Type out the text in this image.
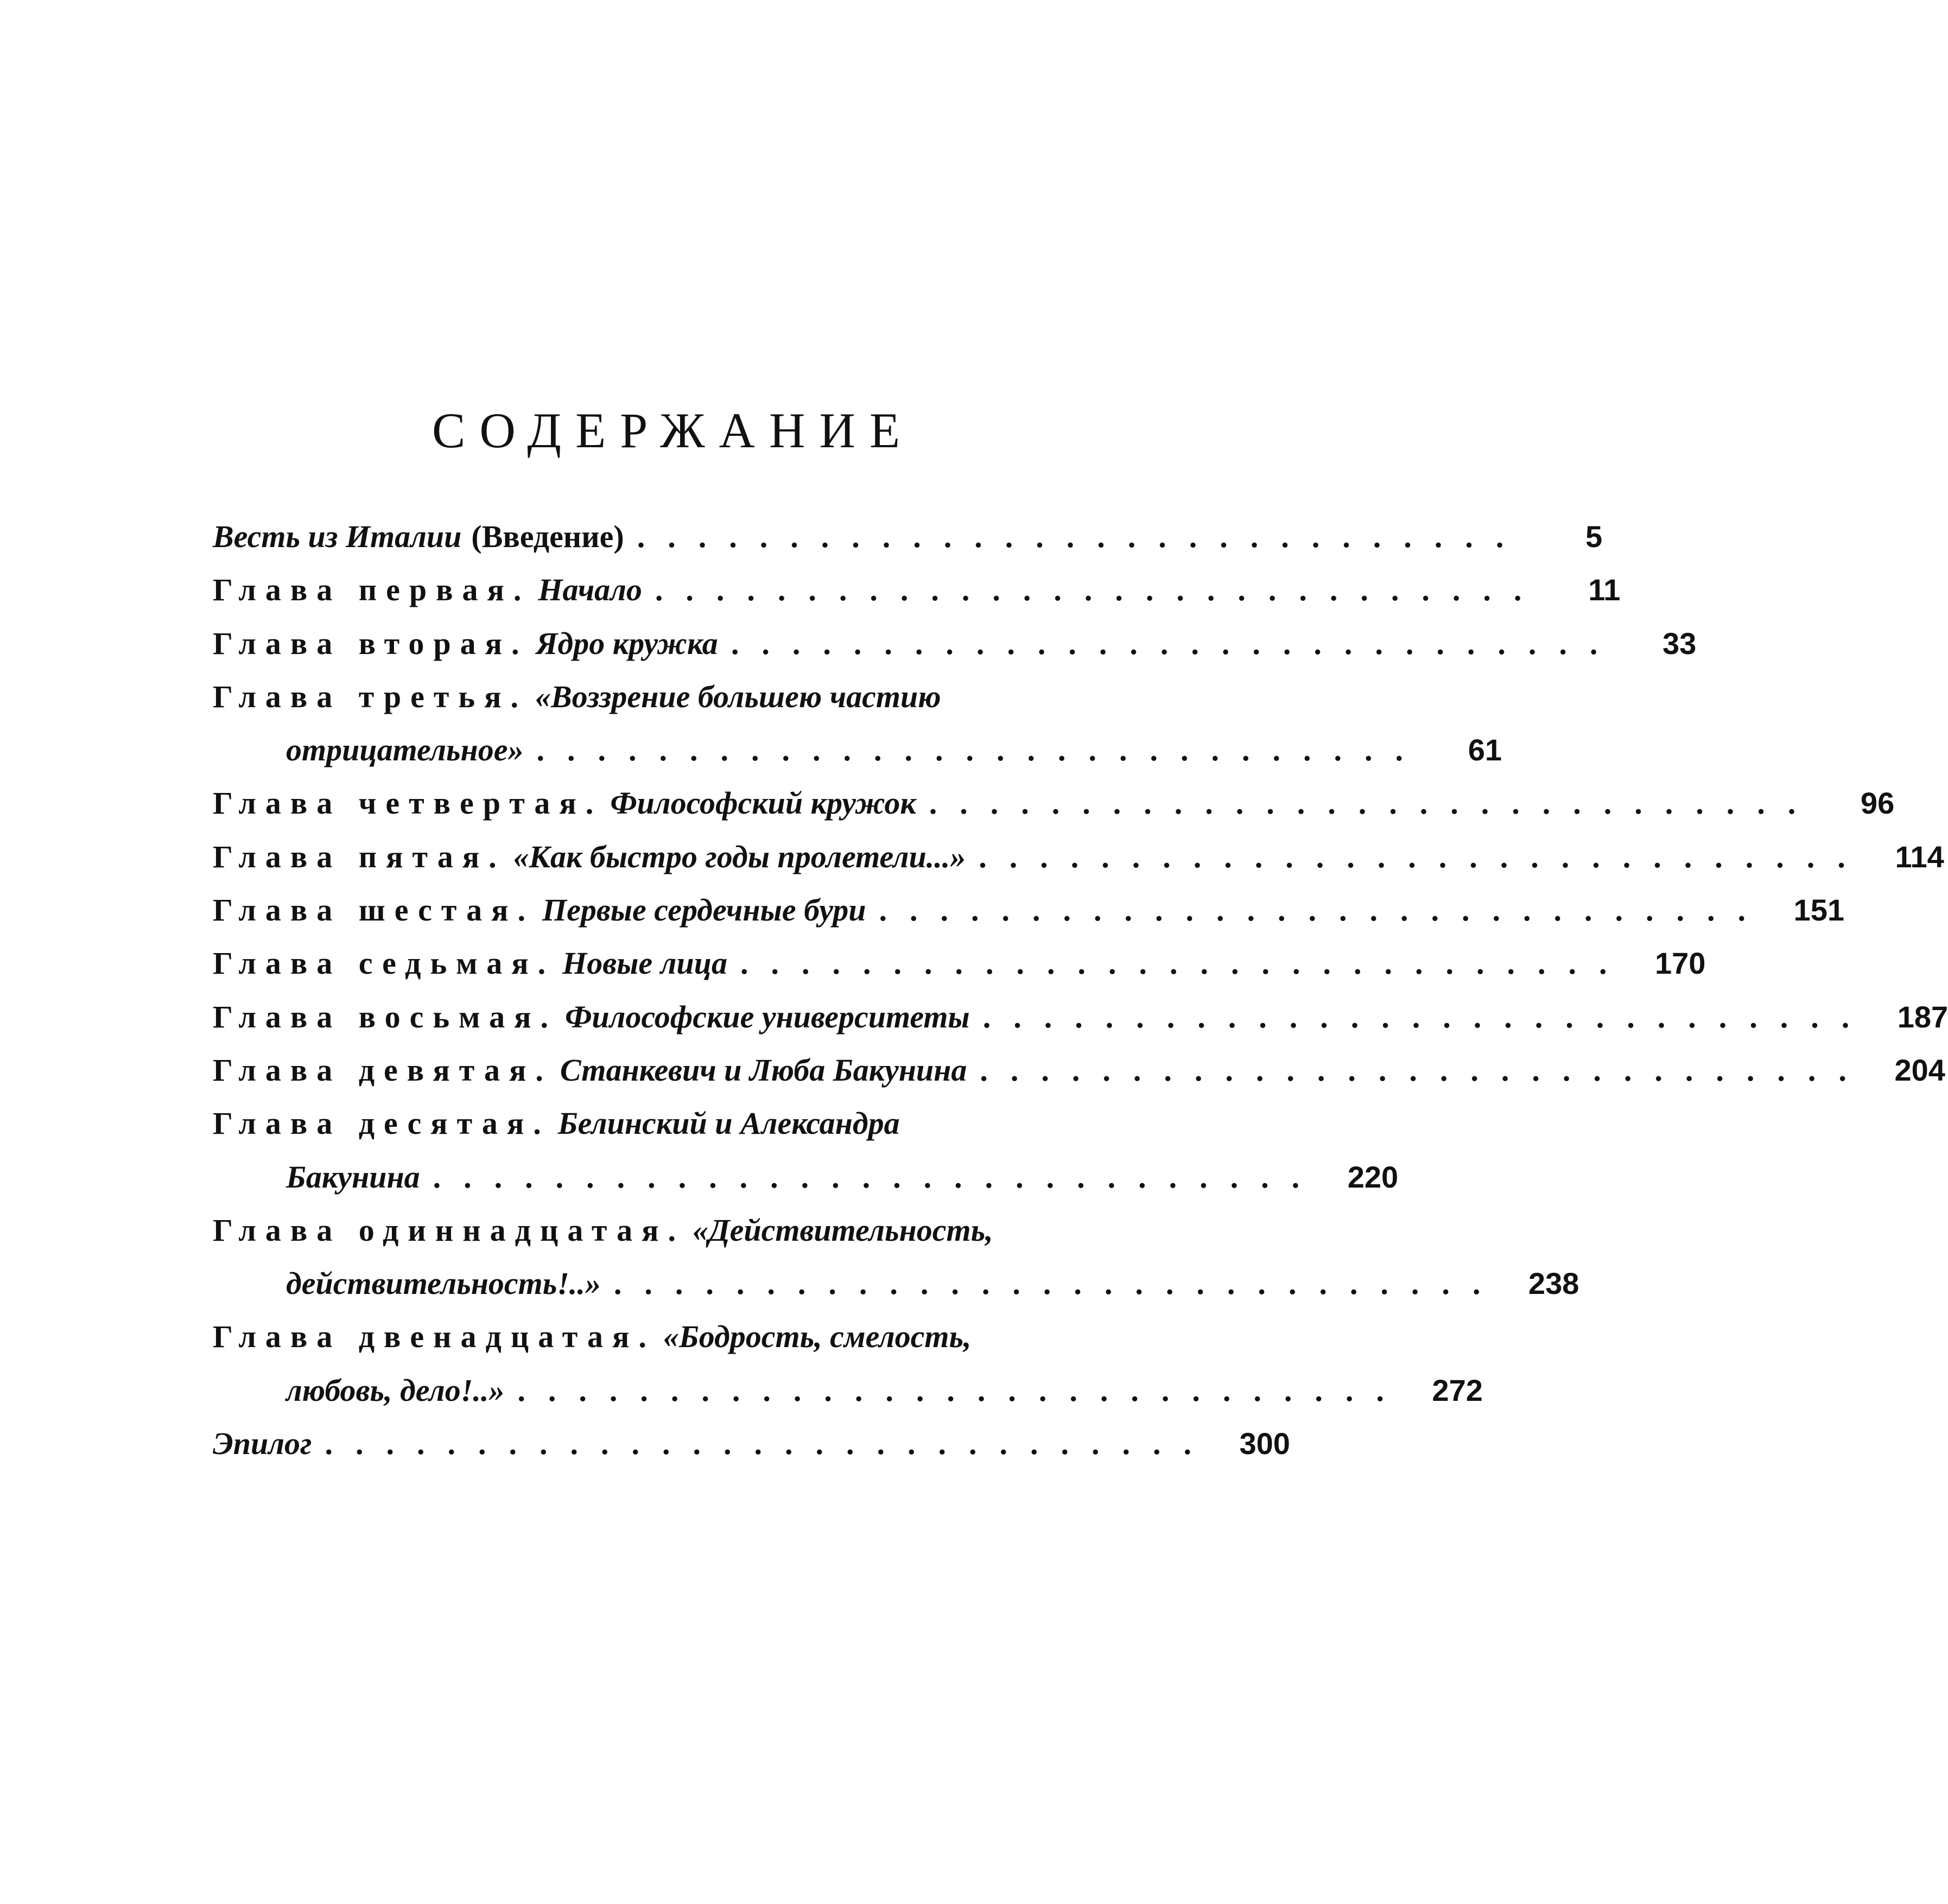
СОДЕРЖАНИЕ
Весть из Италии (Введение) .............................	5
Глава первая. Начало .............................	11
Глава вторая. Ядро кружка .............................	33
Глава третья. «Воззрение большею частию
отрицательное» .............................	61
Глава четвертая. Философский кружок .............................	96
Глава пятая. «Как быстро годы пролетели...» ............................. 114
Глава шестая. Первые сердечные бури ............................. 151
Глава седьмая. Новые лица ............................. 170
Глава восьмая. Философские университеты ............................. 187
Глава девятая. Станкевич и Люба Бакунина ............................. 204
Глава десятая. Белинский и Александра
Бакунина ............................. 220
Глава одиннадцатая. «Действительность,
действительность!..» ............................. 238
Глава двенадцатая. «Бодрость, смелость,
любовь, дело!..» ............................. 272
Эпилог ............................. 300
